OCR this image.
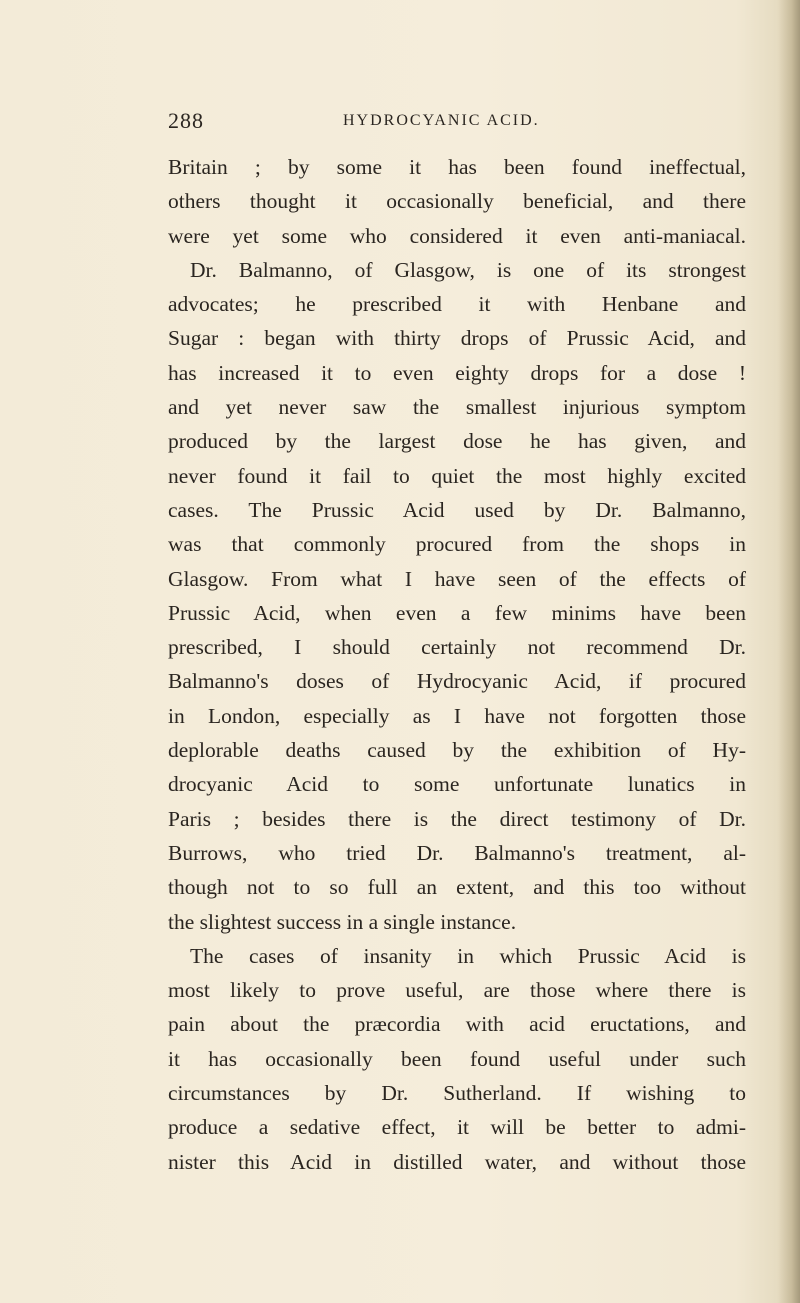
288	HYDROCYANIC ACID.
Britain ; by some it has been found ineffectual,
others thought it occasionally beneficial, and there
were yet some who considered it even anti-maniacal.
Dr. Balmanno, of Glasgow, is one of its strongest
advocates; he prescribed it with Henbane and
Sugar : began with thirty drops of Prussic Acid, and
has increased it to even eighty drops for a dose !
and yet never saw the smallest injurious symptom
produced by the largest dose he has given, and
never found it fail to quiet the most highly excited
cases. The Prussic Acid used by Dr. Balmanno,
was that commonly procured from the shops in
Glasgow. From what I have seen of the effects of
Prussic Acid, when even a few minims have been
prescribed, I should certainly not recommend Dr.
Balmanno's doses of Hydrocyanic Acid, if procured
in London, especially as I have not forgotten those
deplorable deaths caused by the exhibition of Hy-
drocyanic Acid to some unfortunate lunatics in
Paris ; besides there is the direct testimony of Dr.
Burrows, who tried Dr. Balmanno's treatment, al-
though not to so full an extent, and this too without
the slightest success in a single instance.
The cases of insanity in which Prussic Acid is
most likely to prove useful, are those where there is
pain about the præcordia with acid eructations, and
it has occasionally been found useful under such
circumstances by Dr. Sutherland. If wishing to
produce a sedative effect, it will be better to admi-
nister this Acid in distilled water, and without those
